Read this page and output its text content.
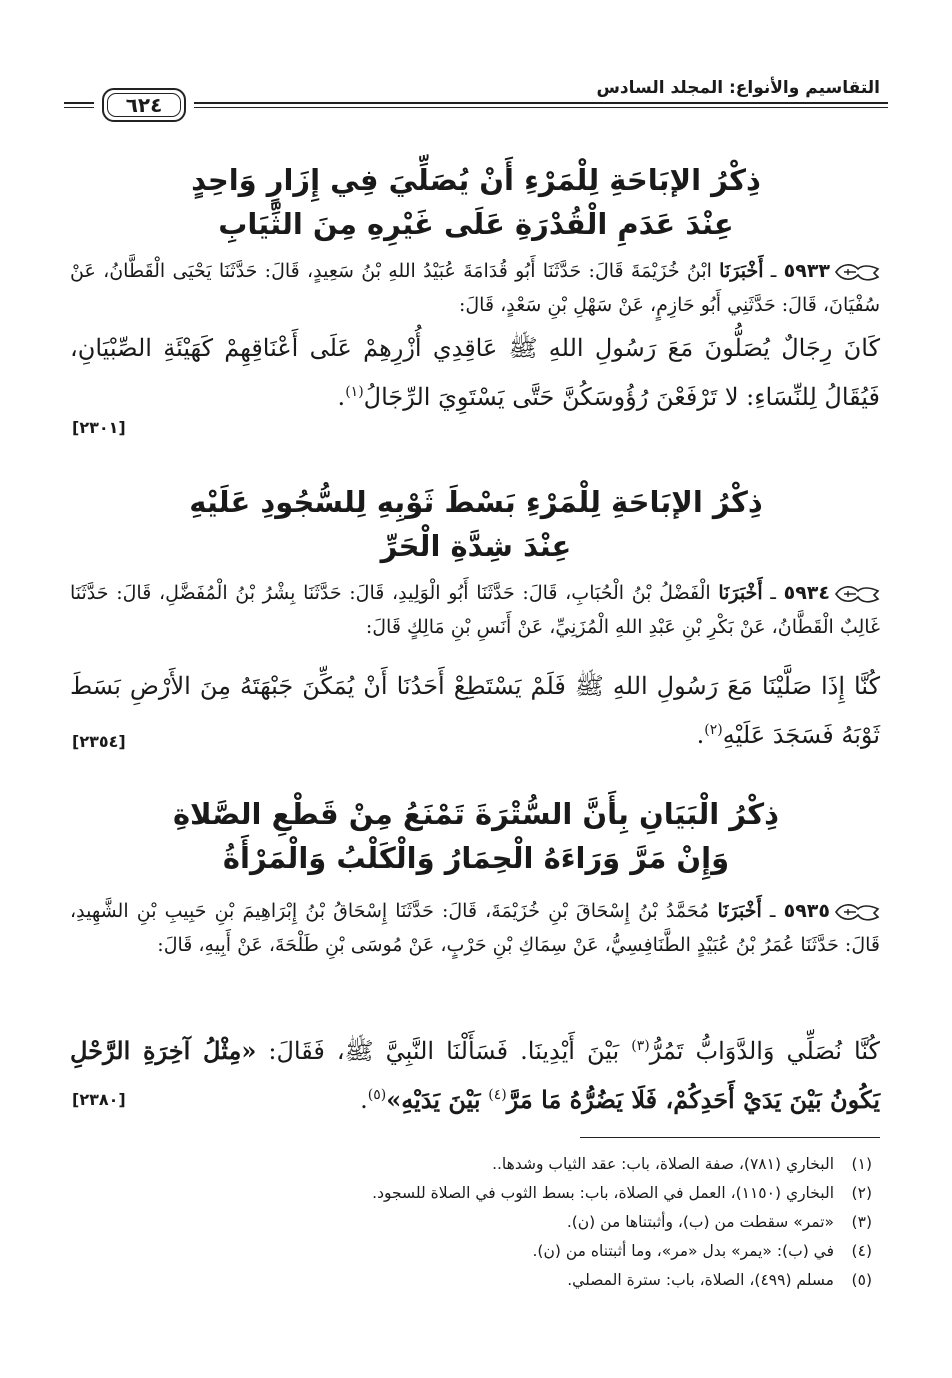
التقاسيم والأنواع: المجلد السادس
٦٢٤
ذِكْرُ الإبَاحَةِ لِلْمَرْءِ أَنْ يُصَلِّيَ فِي إِزَارٍ وَاحِدٍ
عِنْدَ عَدَمِ الْقُدْرَةِ عَلَى غَيْرِهِ مِنَ الثِّيَابِ
٥٩٣٣ ـ أَخْبَرَنَا ابْنُ خُزَيْمَةَ قَالَ: حَدَّثَنَا أَبُو قُدَامَةَ عُبَيْدُ اللهِ بْنُ سَعِيدٍ، قَالَ: حَدَّثَنَا يَحْيَى الْقَطَّانُ، عَنْ سُفْيَانَ، قَالَ: حَدَّثَنِي أَبُو حَازِمٍ، عَنْ سَهْلِ بْنِ سَعْدٍ، قَالَ:
كَانَ رِجَالٌ يُصَلُّونَ مَعَ رَسُولِ اللهِ ﷺ عَاقِدِي أُزْرِهِمْ عَلَى أَعْنَاقِهِمْ كَهَيْئَةِ الصِّبْيَانِ، فَيُقَالُ لِلنِّسَاءِ: لا تَرْفَعْنَ رُؤُوسَكُنَّ حَتَّى يَسْتَوِيَ الرِّجَالُ$^{(١)}$.
[٢٣٠١]
ذِكْرُ الإبَاحَةِ لِلْمَرْءِ بَسْطَ ثَوْبِهِ لِلسُّجُودِ عَلَيْهِ
عِنْدَ شِدَّةِ الْحَرِّ
٥٩٣٤ ـ أَخْبَرَنَا الْفَضْلُ بْنُ الْحُبَابِ، قَالَ: حَدَّثَنَا أَبُو الْوَلِيدِ، قَالَ: حَدَّثَنَا بِشْرُ بْنُ الْمُفَضَّلِ، قَالَ: حَدَّثَنَا غَالِبٌ الْقَطَّانُ، عَنْ بَكْرِ بْنِ عَبْدِ اللهِ الْمُزَنِيِّ، عَنْ أَنَسِ بْنِ مَالِكٍ قَالَ:
كُنَّا إِذَا صَلَّيْنَا مَعَ رَسُولِ اللهِ ﷺ فَلَمْ يَسْتَطِعْ أَحَدُنَا أَنْ يُمَكِّنَ جَبْهَتَهُ مِنَ الأَرْضِ بَسَطَ ثَوْبَهُ فَسَجَدَ عَلَيْهِ$^{(٢)}$.
[٢٣٥٤]
ذِكْرُ الْبَيَانِ بِأَنَّ السُّتْرَةَ تَمْنَعُ مِنْ قَطْعِ الصَّلاةِ
وَإِنْ مَرَّ وَرَاءَهُ الْحِمَارُ وَالْكَلْبُ وَالْمَرْأَةُ
٥٩٣٥ ـ أَخْبَرَنَا مُحَمَّدُ بْنُ إِسْحَاقَ بْنِ خُزَيْمَةَ، قَالَ: حَدَّثَنَا إِسْحَاقُ بْنُ إِبْرَاهِيمَ بْنِ حَبِيبِ بْنِ الشَّهِيدِ، قَالَ: حَدَّثَنَا عُمَرُ بْنُ عُبَيْدٍ الطَّنَافِسِيُّ، عَنْ سِمَاكِ بْنِ حَرْبٍ، عَنْ مُوسَى بْنِ طَلْحَةَ، عَنْ أَبِيهِ، قَالَ:
كُنَّا نُصَلِّي وَالدَّوَابُّ تَمُرُّ$^{(٣)}$ بَيْنَ أَيْدِينَا. فَسَأَلْنَا النَّبِيَّ ﷺ، فَقَالَ: «مِثْلُ آخِرَةِ الرَّحْلِ يَكُونُ بَيْنَ يَدَيْ أَحَدِكُمْ، فَلَا يَضُرُّهُ مَا مَرَّ$^{(٤)}$ بَيْنَ يَدَيْهِ»$^{(٥)}$.
[٢٣٨٠]
(١)البخاري (٧٨١)، صفة الصلاة، باب: عقد الثياب وشدها..
(٢)البخاري (١١٥٠)، العمل في الصلاة، باب: بسط الثوب في الصلاة للسجود.
(٣)«تمر» سقطت من (ب)، وأثبتناها من (ن).
(٤)في (ب): «يمر» بدل «مر»، وما أثبتناه من (ن).
(٥)مسلم (٤٩٩)، الصلاة، باب: سترة المصلي.
